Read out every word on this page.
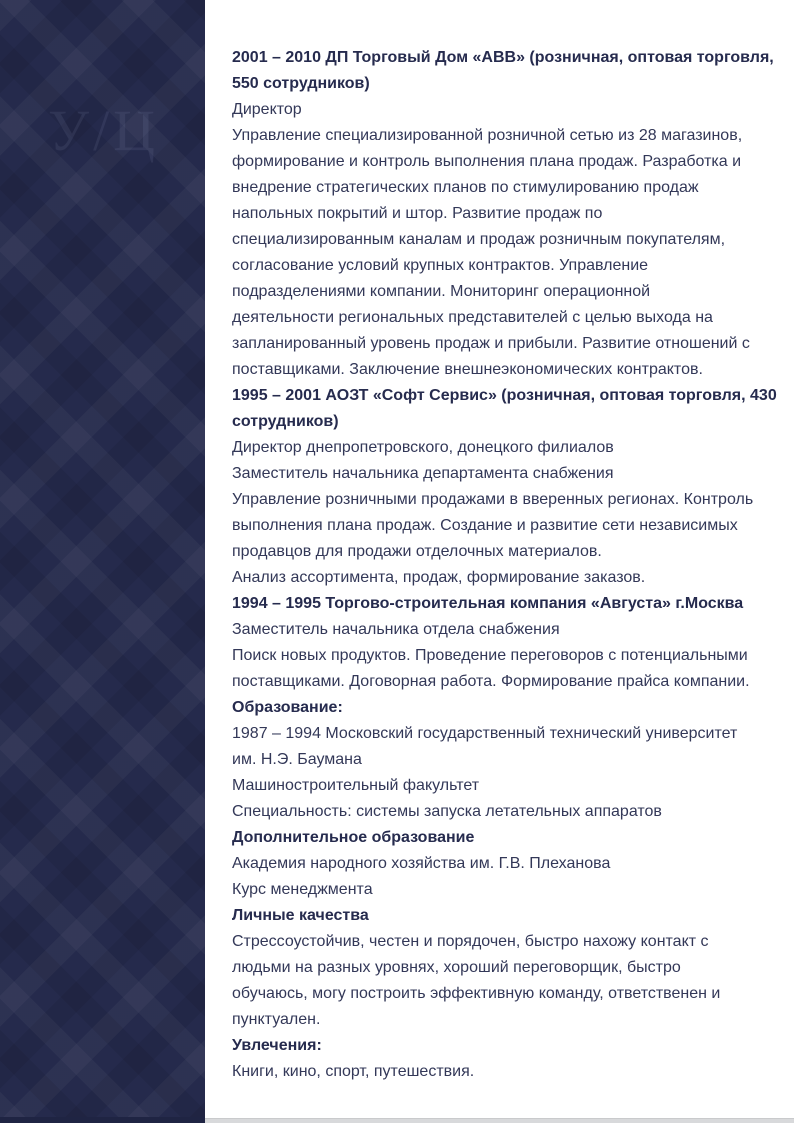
У/Ц
2001 – 2010 ДП Торговый Дом «АВВ» (розничная, оптовая торговля,
550 сотрудников)
Директор
Управление специализированной розничной сетью из 28 магазинов,
формирование и контроль выполнения плана продаж. Разработка и
внедрение стратегических планов по стимулированию продаж
напольных покрытий и штор. Развитие продаж по
специализированным каналам и продаж розничным покупателям,
согласование условий крупных контрактов. Управление
подразделениями компании. Мониторинг операционной
деятельности региональных представителей с целью выхода на
запланированный уровень продаж и прибыли. Развитие отношений с
поставщиками. Заключение внешнеэкономических контрактов.
1995 – 2001 АОЗТ «Софт Сервис» (розничная, оптовая торговля, 430
сотрудников)
Директор днепропетровского, донецкого филиалов
Заместитель начальника департамента снабжения
Управление розничными продажами в вверенных регионах. Контроль
выполнения плана продаж. Создание и развитие сети независимых
продавцов для продажи отделочных материалов.
Анализ ассортимента, продаж, формирование заказов.
1994 – 1995 Торгово-строительная компания «Августа» г.Москва
Заместитель начальника отдела снабжения
Поиск новых продуктов. Проведение переговоров с потенциальными
поставщиками. Договорная работа. Формирование прайса компании.
Образование:
1987 – 1994 Московский государственный технический университет
им. Н.Э. Баумана
Машиностроительный факультет
Специальность: системы запуска летательных аппаратов
Дополнительное образование
Академия народного хозяйства им. Г.В. Плеханова
Курс менеджмента
Личные качества
Стрессоустойчив, честен и порядочен, быстро нахожу контакт с
людьми на разных уровнях, хороший переговорщик, быстро
обучаюсь, могу построить эффективную команду, ответственен и
пунктуален.
Увлечения:
Книги, кино, спорт, путешествия.
